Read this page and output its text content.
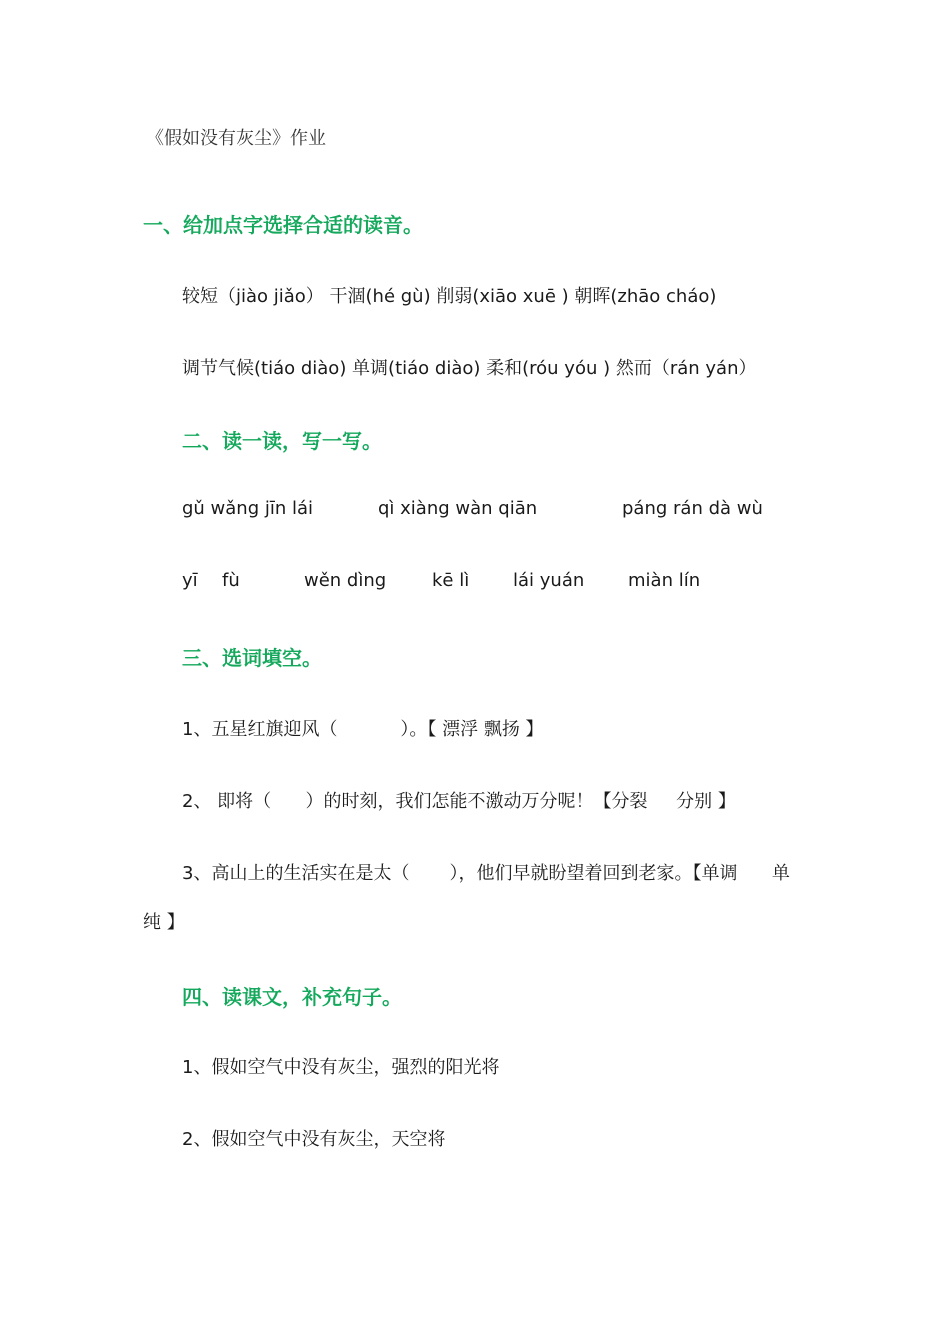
《假如没有灰尘》作业
一、给加点字选择合适的读音。
较短（jiào jiǎo） 干涸(hé gù) 削弱(xiāo xuē ) 朝晖(zhāo cháo)
调节气候(tiáo diào) 单调(tiáo diào) 柔和(róu yóu ) 然而（rán yán）
二、读一读，写一写。
gǔ wǎng jīn lái	qì xiàng wàn qiān	páng rán dà wù
yī fù	wěn dìng	kē lì lái yuán miàn lín
三、选词填空。
1、五星红旗迎风（           ）。【 漂浮 飘扬 】
2、 即将（      ）的时刻，我们怎能不激动万分呢！【分裂     分别 】
3、高山上的生活实在是太（       ），他们早就盼望着回到老家。【单调      单
纯 】
四、读课文，补充句子。
1、假如空气中没有灰尘，强烈的阳光将
2、假如空气中没有灰尘，天空将
